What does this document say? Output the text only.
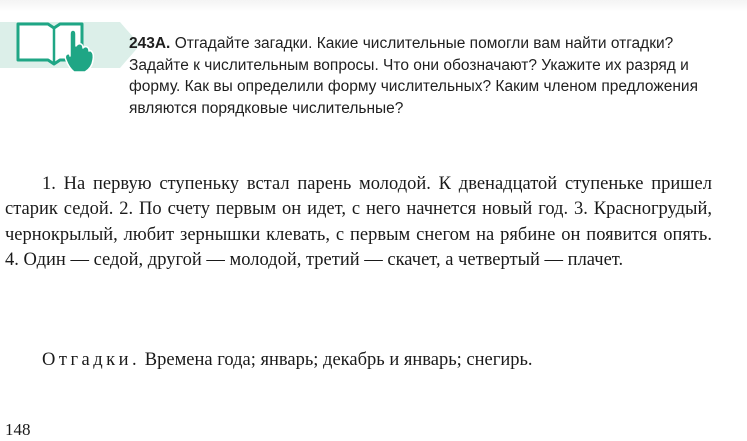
243А. Отгадайте загадки. Какие числительные помогли вам найти отгадки? Задайте к числительным вопросы. Что они обозначают? Укажите их разряд и форму. Как вы определили форму числительных? Каким членом предложения являются порядковые числительные?

1. На первую ступеньку встал парень молодой. К двенадцатой ступеньке пришел старик седой. 2. По счету первым он идет, с него начнется новый год. 3. Красногрудый, чернокрылый, любит зернышки клевать, с первым снегом на рябине он появится опять. 4. Один — седой, другой — молодой, третий — скачет, а четвертый — плачет.

Отгадки. Времена года; январь; декабрь и январь; снегирь.

148
